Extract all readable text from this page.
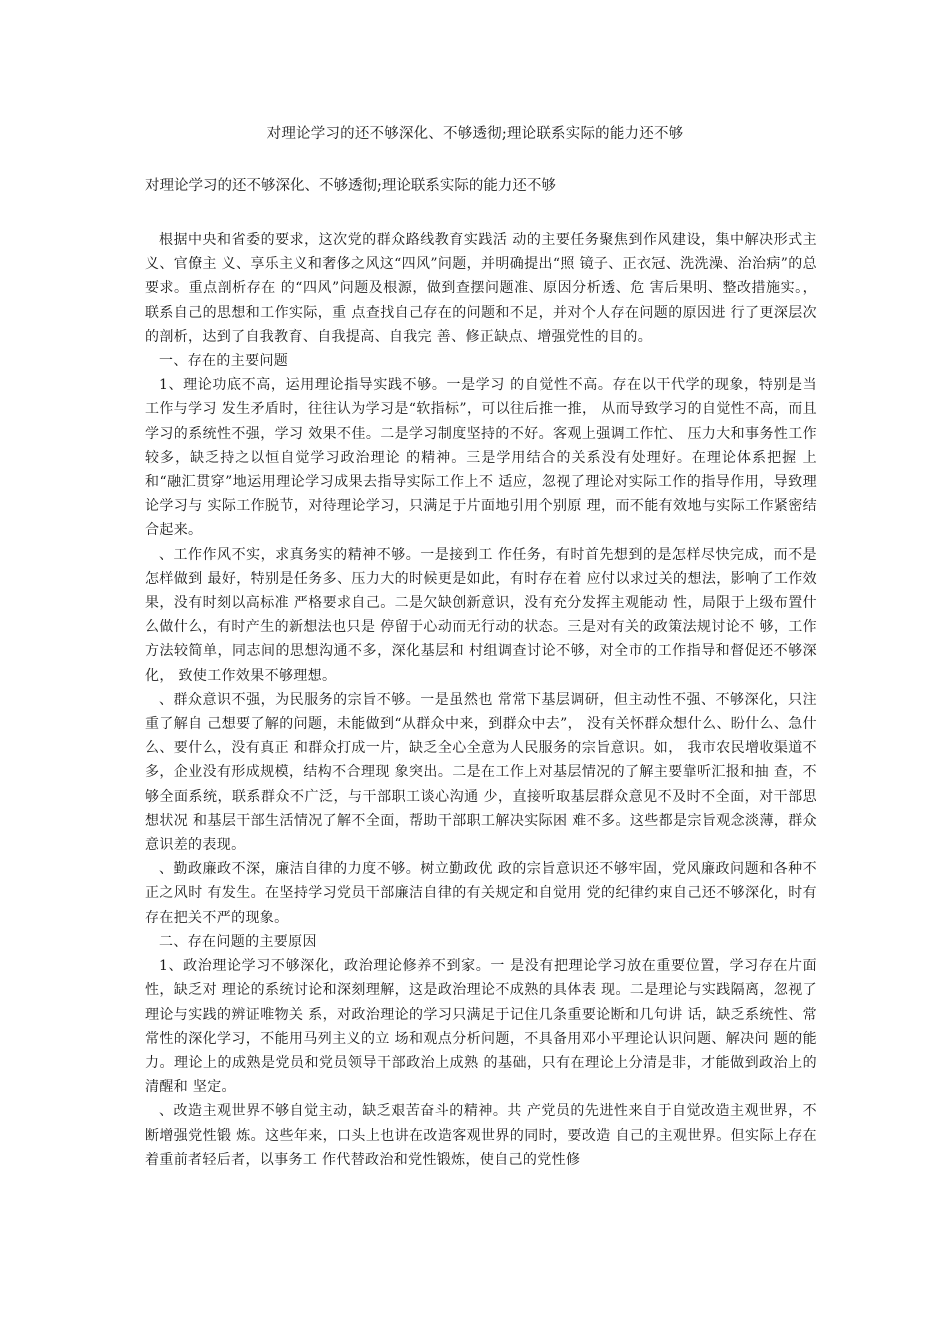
对理论学习的还不够深化、不够透彻;理论联系实际的能力还不够
对理论学习的还不够深化、不够透彻;理论联系实际的能力还不够

根据中央和省委的要求，这次党的群众路线教育实践活 动的主要任务聚焦到作风建设，集中解决形式主义、官僚主 义、享乐主义和奢侈之风这“四风”问题，并明确提出“照 镜子、正衣冠、洗洗澡、治治病”的总要求。重点剖析存在 的“四风”问题及根源，做到查摆问题准、原因分析透、危 害后果明、整改措施实。，联系自己的思想和工作实际，重 点查找自己存在的问题和不足，并对个人存在问题的原因进 行了更深层次的剖析，达到了自我教育、自我提高、自我完 善、修正缺点、增强党性的目的。

一、存在的主要问题

1、理论功底不高，运用理论指导实践不够。一是学习 的自觉性不高。存在以干代学的现象，特别是当工作与学习 发生矛盾时，往往认为学习是“软指标”，可以往后推一推， 从而导致学习的自觉性不高，而且学习的系统性不强，学习 效果不佳。二是学习制度坚持的不好。客观上强调工作忙、 压力大和事务性工作较多，缺乏持之以恒自觉学习政治理论 的精神。三是学用结合的关系没有处理好。在理论体系把握 上和“融汇贯穿”地运用理论学习成果去指导实际工作上不 适应，忽视了理论对实际工作的指导作用，导致理论学习与 实际工作脱节，对待理论学习，只满足于片面地引用个别原 理，而不能有效地与实际工作紧密结合起来。

、工作作风不实，求真务实的精神不够。一是接到工 作任务，有时首先想到的是怎样尽快完成，而不是怎样做到 最好，特别是任务多、压力大的时候更是如此，有时存在着 应付以求过关的想法，影响了工作效果，没有时刻以高标准 严格要求自己。二是欠缺创新意识，没有充分发挥主观能动 性，局限于上级布置什么做什么，有时产生的新想法也只是 停留于心动而无行动的状态。三是对有关的政策法规讨论不 够，工作方法较简单，同志间的思想沟通不多，深化基层和 村组调查讨论不够，对全市的工作指导和督促还不够深化， 致使工作效果不够理想。

、群众意识不强，为民服务的宗旨不够。一是虽然也 常常下基层调研，但主动性不强、不够深化，只注重了解自 己想要了解的问题，未能做到“从群众中来，到群众中去”， 没有关怀群众想什么、盼什么、急什么、要什么，没有真正 和群众打成一片，缺乏全心全意为人民服务的宗旨意识。如， 我市农民增收渠道不多，企业没有形成规模，结构不合理现 象突出。二是在工作上对基层情况的了解主要靠听汇报和抽 查，不够全面系统，联系群众不广泛，与干部职工谈心沟通 少，直接听取基层群众意见不及时不全面，对干部思想状况 和基层干部生活情况了解不全面，帮助干部职工解决实际困 难不多。这些都是宗旨观念淡薄，群众意识差的表现。

、勤政廉政不深，廉洁自律的力度不够。树立勤政优 政的宗旨意识还不够牢固，党风廉政问题和各种不正之风时 有发生。在坚持学习党员干部廉洁自律的有关规定和自觉用 党的纪律约束自己还不够深化，时有存在把关不严的现象。

二、存在问题的主要原因

1、政治理论学习不够深化，政治理论修养不到家。一 是没有把理论学习放在重要位置，学习存在片面性，缺乏对 理论的系统讨论和深刻理解，这是政治理论不成熟的具体表 现。二是理论与实践隔离，忽视了理论与实践的辨证唯物关 系，对政治理论的学习只满足于记住几条重要论断和几句讲 话，缺乏系统性、常常性的深化学习，不能用马列主义的立 场和观点分析问题，不具备用邓小平理论认识问题、解决问 题的能力。理论上的成熟是党员和党员领导干部政治上成熟 的基础，只有在理论上分清是非，才能做到政治上的清醒和 坚定。

、改造主观世界不够自觉主动，缺乏艰苦奋斗的精神。共 产党员的先进性来自于自觉改造主观世界，不断增强党性锻 炼。这些年来，口头上也讲在改造客观世界的同时，要改造 自己的主观世界。但实际上存在着重前者轻后者，以事务工 作代替政治和党性锻炼，使自己的党性修
